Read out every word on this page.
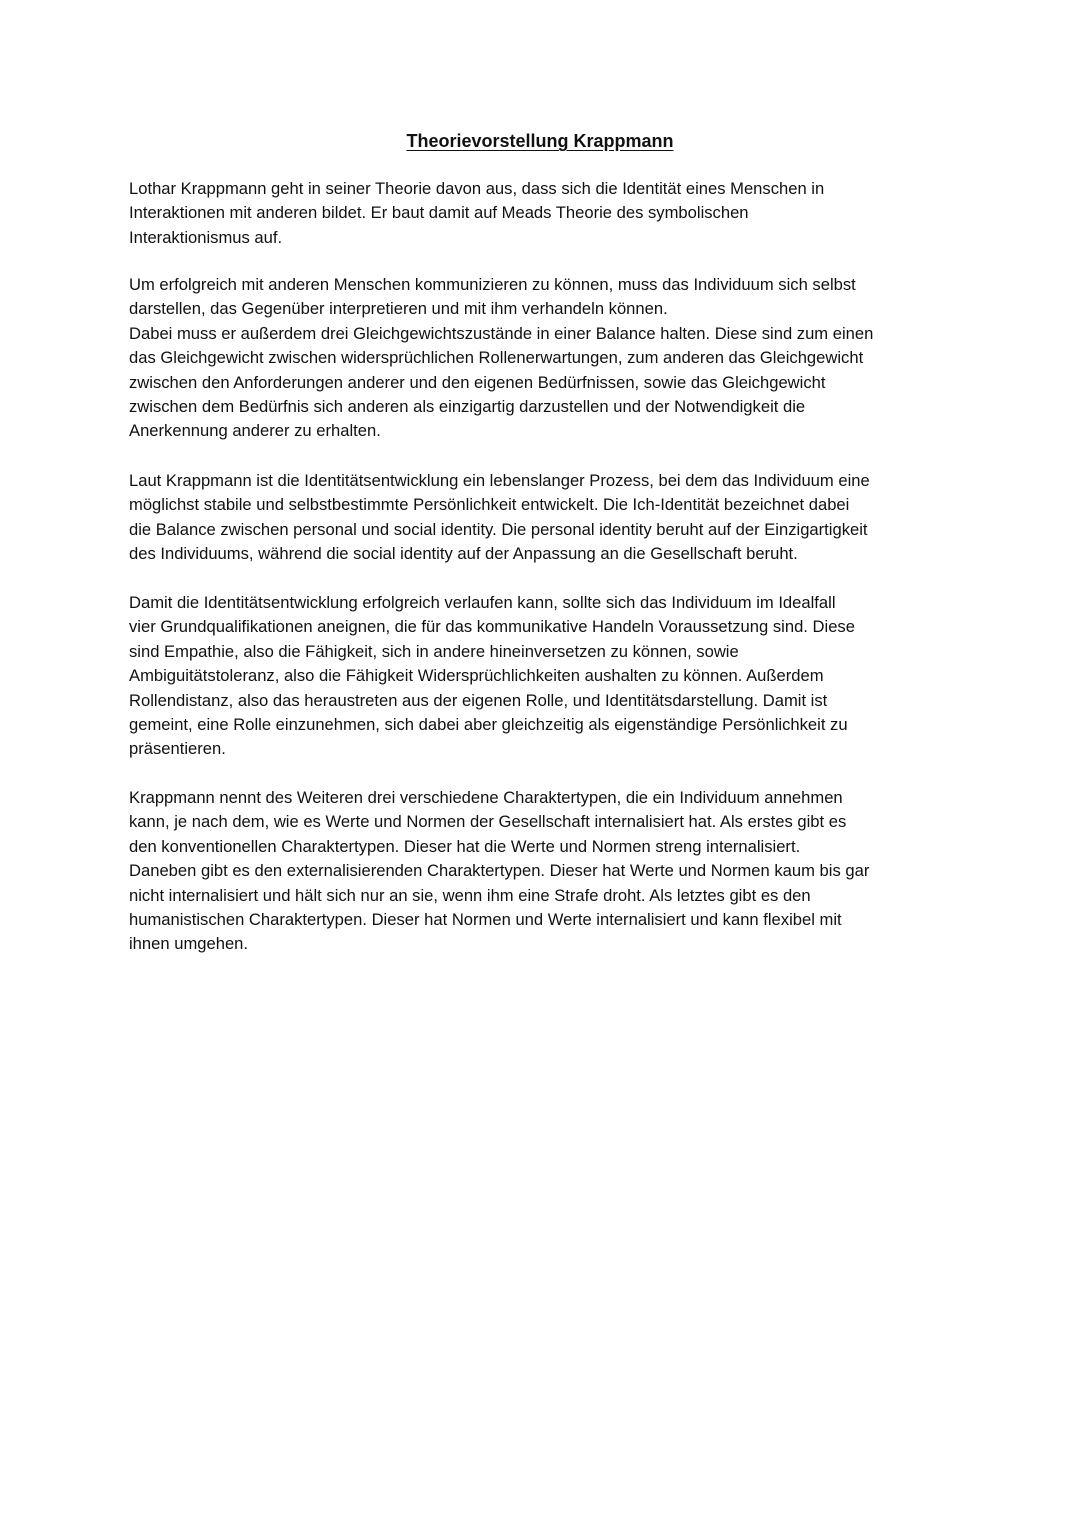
Theorievorstellung Krappmann

Lothar Krappmann geht in seiner Theorie davon aus, dass sich die Identität eines Menschen in
Interaktionen mit anderen bildet. Er baut damit auf Meads Theorie des symbolischen
Interaktionismus auf.

Um erfolgreich mit anderen Menschen kommunizieren zu können, muss das Individuum sich selbst
darstellen, das Gegenüber interpretieren und mit ihm verhandeln können.
Dabei muss er außerdem drei Gleichgewichtszustände in einer Balance halten. Diese sind zum einen
das Gleichgewicht zwischen widersprüchlichen Rollenerwartungen, zum anderen das Gleichgewicht
zwischen den Anforderungen anderer und den eigenen Bedürfnissen, sowie das Gleichgewicht
zwischen dem Bedürfnis sich anderen als einzigartig darzustellen und der Notwendigkeit die
Anerkennung anderer zu erhalten.

Laut Krappmann ist die Identitätsentwicklung ein lebenslanger Prozess, bei dem das Individuum eine
möglichst stabile und selbstbestimmte Persönlichkeit entwickelt. Die Ich-Identität bezeichnet dabei
die Balance zwischen personal und social identity. Die personal identity beruht auf der Einzigartigkeit
des Individuums, während die social identity auf der Anpassung an die Gesellschaft beruht.

Damit die Identitätsentwicklung erfolgreich verlaufen kann, sollte sich das Individuum im Idealfall
vier Grundqualifikationen aneignen, die für das kommunikative Handeln Voraussetzung sind. Diese
sind Empathie, also die Fähigkeit, sich in andere hineinversetzen zu können, sowie
Ambiguitätstoleranz, also die Fähigkeit Widersprüchlichkeiten aushalten zu können. Außerdem
Rollendistanz, also das heraustreten aus der eigenen Rolle, und Identitätsdarstellung. Damit ist
gemeint, eine Rolle einzunehmen, sich dabei aber gleichzeitig als eigenständige Persönlichkeit zu
präsentieren.

Krappmann nennt des Weiteren drei verschiedene Charaktertypen, die ein Individuum annehmen
kann, je nach dem, wie es Werte und Normen der Gesellschaft internalisiert hat. Als erstes gibt es
den konventionellen Charaktertypen. Dieser hat die Werte und Normen streng internalisiert.
Daneben gibt es den externalisierenden Charaktertypen. Dieser hat Werte und Normen kaum bis gar
nicht internalisiert und hält sich nur an sie, wenn ihm eine Strafe droht. Als letztes gibt es den
humanistischen Charaktertypen. Dieser hat Normen und Werte internalisiert und kann flexibel mit
ihnen umgehen.
